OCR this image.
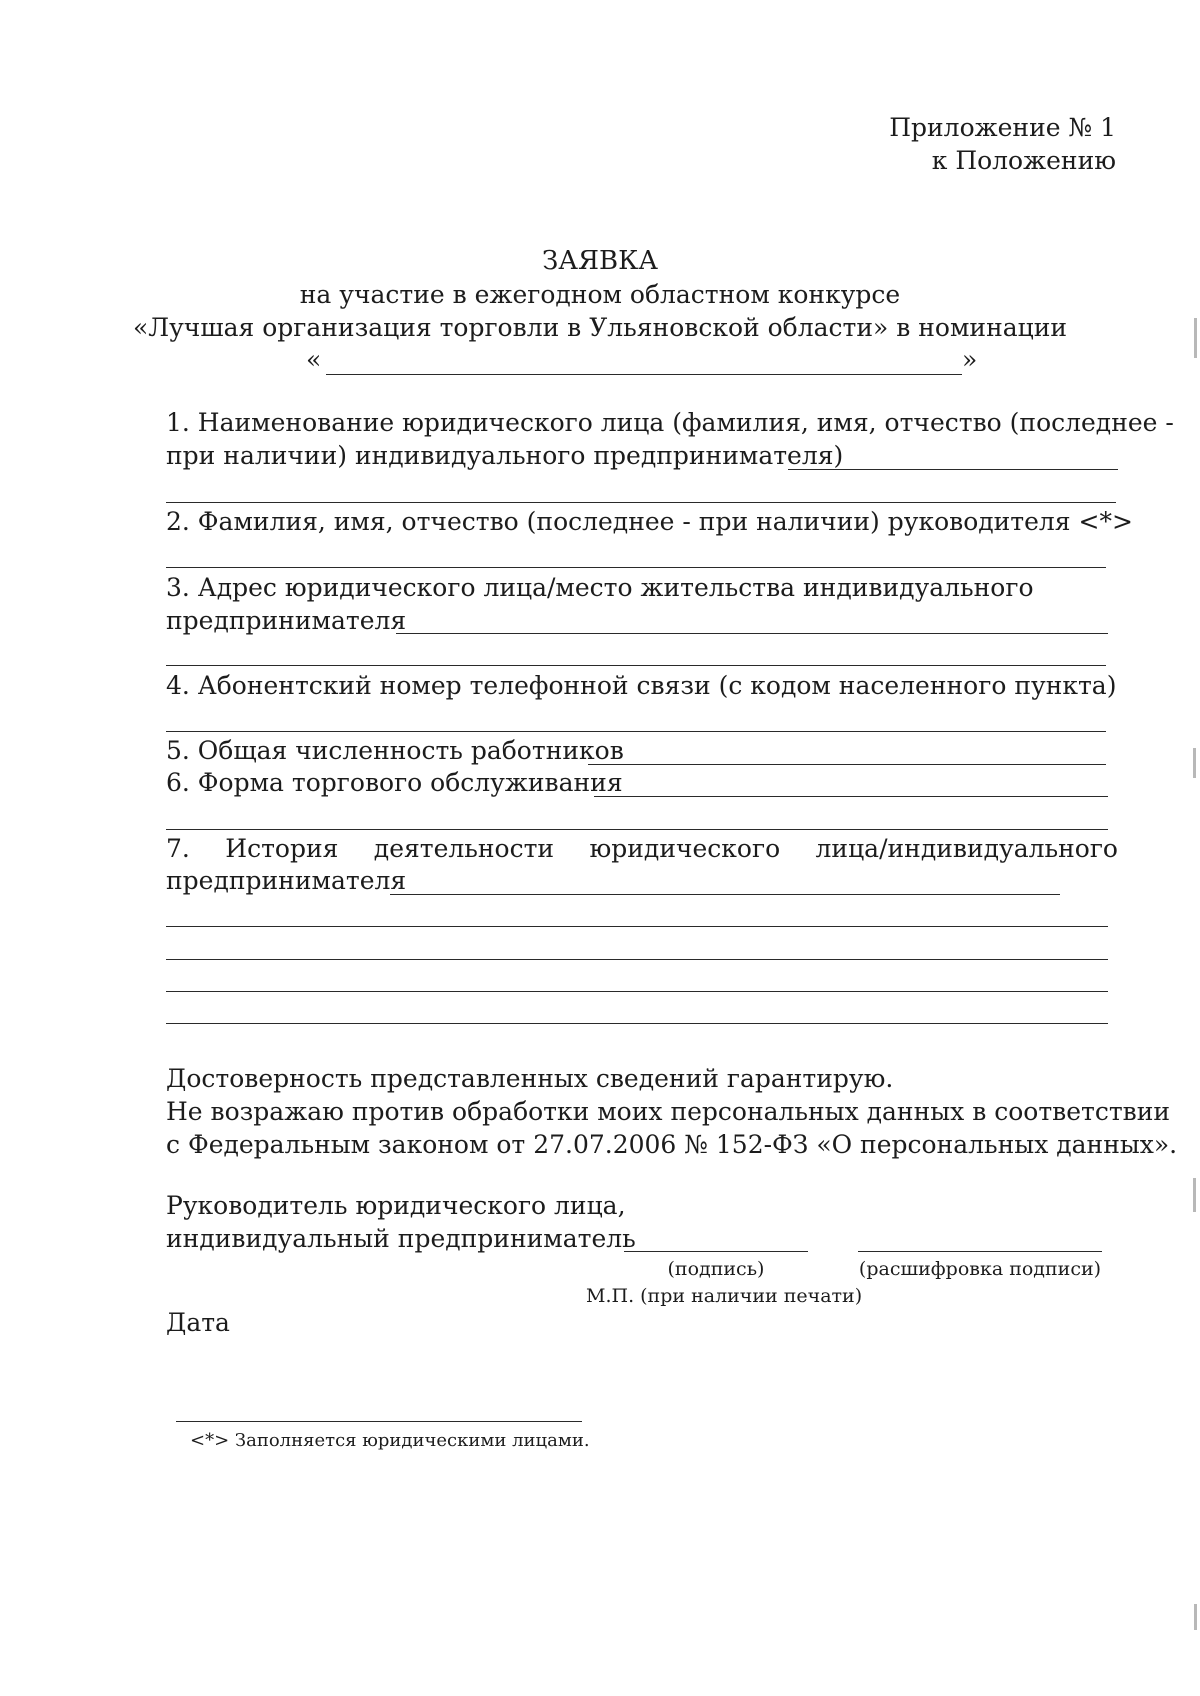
Приложение № 1
к Положению
ЗАЯВКА
на участие в ежегодном областном конкурсе
«Лучшая организация торговли в Ульяновской области» в номинации
«	»
1. Наименование юридического лица (фамилия, имя, отчество (последнее -
при наличии) индивидуального предпринимателя)
2. Фамилия, имя, отчество (последнее - при наличии) руководителя <*>
3. Адрес юридического лица/место жительства индивидуального
предпринимателя
4. Абонентский номер телефонной связи (с кодом населенного пункта)
5. Общая численность работников
6. Форма торгового обслуживания
7. История деятельности юридического лица/индивидуального
предпринимателя
Достоверность представленных сведений гарантирую.
Не возражаю против обработки моих персональных данных в соответствии
с Федеральным законом от 27.07.2006 № 152-ФЗ «О персональных данных».
Руководитель юридического лица,
индивидуальный предприниматель
(подпись)	(расшифровка подписи)
М.П. (при наличии печати)
Дата
<*> Заполняется юридическими лицами.
